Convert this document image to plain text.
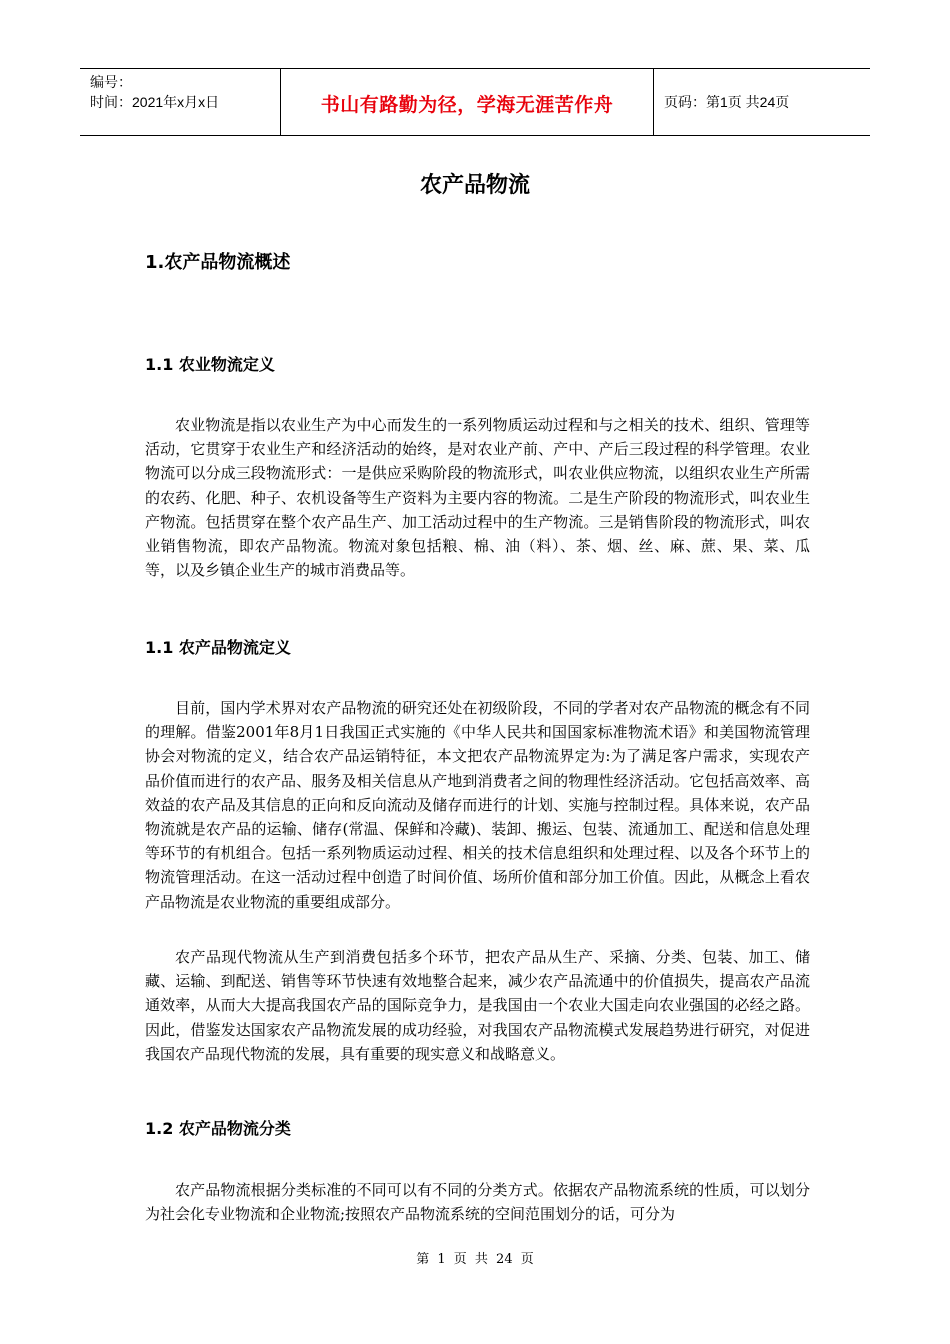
编号：
时间：2021年x月x日	书山有路勤为径，学海无涯苦作舟	页码：第1页 共24页
农产品物流
1.农产品物流概述
1.1 农业物流定义

农业物流是指以农业生产为中心而发生的一系列物质运动过程和与之相关的技术、组织、管理等活动，它贯穿于农业生产和经济活动的始终，是对农业产前、产中、产后三段过程的科学管理。农业物流可以分成三段物流形式：一是供应采购阶段的物流形式，叫农业供应物流，以组织农业生产所需的农药、化肥、种子、农机设备等生产资料为主要内容的物流。二是生产阶段的物流形式，叫农业生产物流。包括贯穿在整个农产品生产、加工活动过程中的生产物流。三是销售阶段的物流形式，叫农业销售物流，即农产品物流。物流对象包括粮、棉、油（料）、茶、烟、丝、麻、蔗、果、菜、瓜等，以及乡镇企业生产的城市消费品等。

1.1 农产品物流定义

目前，国内学术界对农产品物流的研究还处在初级阶段，不同的学者对农产品物流的概念有不同的理解。借鉴2001年8月1日我国正式实施的《中华人民共和国国家标准物流术语》和美国物流管理协会对物流的定义，结合农产品运销特征，本文把农产品物流界定为:为了满足客户需求，实现农产品价值而进行的农产品、服务及相关信息从产地到消费者之间的物理性经济活动。它包括高效率、高效益的农产品及其信息的正向和反向流动及储存而进行的计划、实施与控制过程。具体来说，农产品物流就是农产品的运输、储存(常温、保鲜和冷藏)、装卸、搬运、包装、流通加工、配送和信息处理等环节的有机组合。包括一系列物质运动过程、相关的技术信息组织和处理过程、以及各个环节上的物流管理活动。在这一活动过程中创造了时间价值、场所价值和部分加工价值。因此，从概念上看农产品物流是农业物流的重要组成部分。

农产品现代物流从生产到消费包括多个环节，把农产品从生产、采摘、分类、包装、加工、储藏、运输、到配送、销售等环节快速有效地整合起来，减少农产品流通中的价值损失，提高农产品流通效率，从而大大提高我国农产品的国际竞争力，是我国由一个农业大国走向农业强国的必经之路。因此，借鉴发达国家农产品物流发展的成功经验，对我国农产品物流模式发展趋势进行研究，对促进我国农产品现代物流的发展，具有重要的现实意义和战略意义。

1.2 农产品物流分类

农产品物流根据分类标准的不同可以有不同的分类方式。依据农产品物流系统的性质，可以划分为社会化专业物流和企业物流;按照农产品物流系统的空间范围划分的话，可分为

第 1 页 共 24 页
